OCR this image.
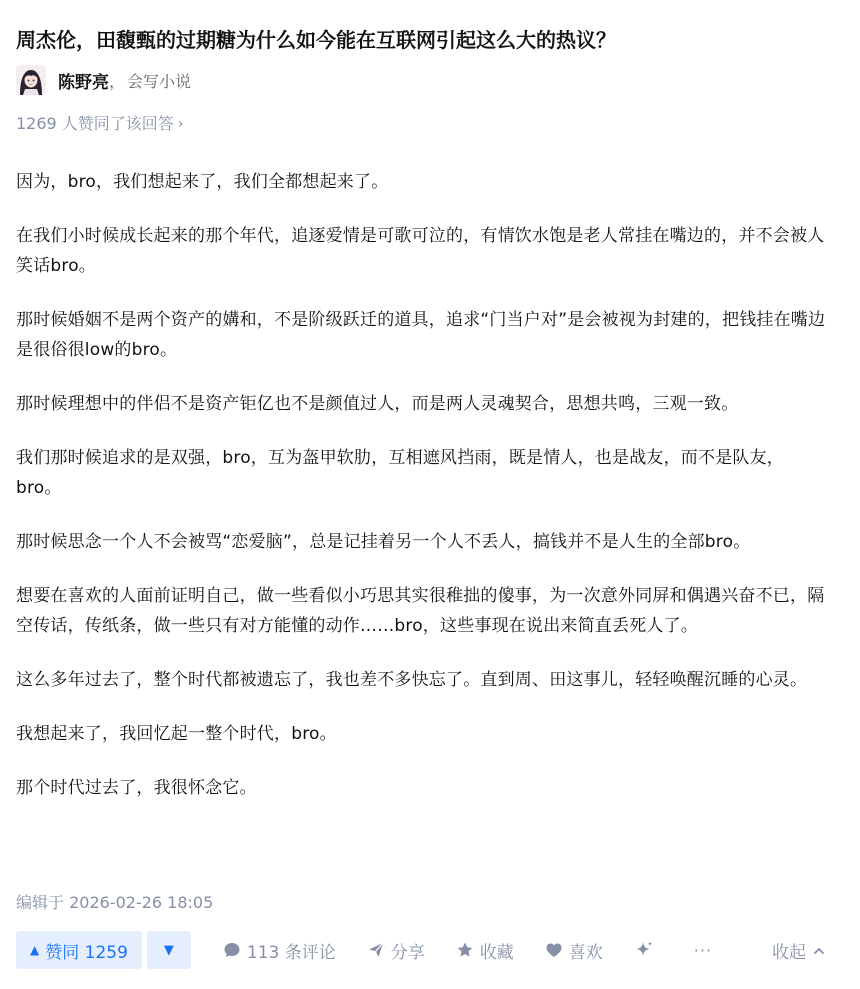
周杰伦，田馥甄的过期糖为什么如今能在互联网引起这么大的热议？
陈野亮 ， 会写小说
1269 人赞同了该回答 ›

因为，bro，我们想起来了，我们全都想起来了。

在我们小时候成长起来的那个年代，追逐爱情是可歌可泣的，有情饮水饱是老人常挂在嘴边的，并不会被人笑话bro。

那时候婚姻不是两个资产的媾和，不是阶级跃迁的道具，追求“门当户对”是会被视为封建的，把钱挂在嘴边是很俗很low的bro。

那时候理想中的伴侣不是资产钜亿也不是颜值过人，而是两人灵魂契合，思想共鸣，三观一致。

我们那时候追求的是双强，bro，互为盔甲软肋，互相遮风挡雨，既是情人，也是战友，而不是队友，bro。

那时候思念一个人不会被骂“恋爱脑”，总是记挂着另一个人不丢人，搞钱并不是人生的全部bro。

想要在喜欢的人面前证明自己，做一些看似小巧思其实很稚拙的傻事，为一次意外同屏和偶遇兴奋不已，隔空传话，传纸条，做一些只有对方能懂的动作……bro，这些事现在说出来简直丢死人了。

这么多年过去了，整个时代都被遗忘了，我也差不多快忘了。直到周、田这事儿，轻轻唤醒沉睡的心灵。

我想起来了，我回忆起一整个时代，bro。

那个时代过去了，我很怀念它。

编辑于 2026-02-26 18:05
▲ 赞同 1259	▼	113 条评论	分享	收藏	喜欢	···	收起
